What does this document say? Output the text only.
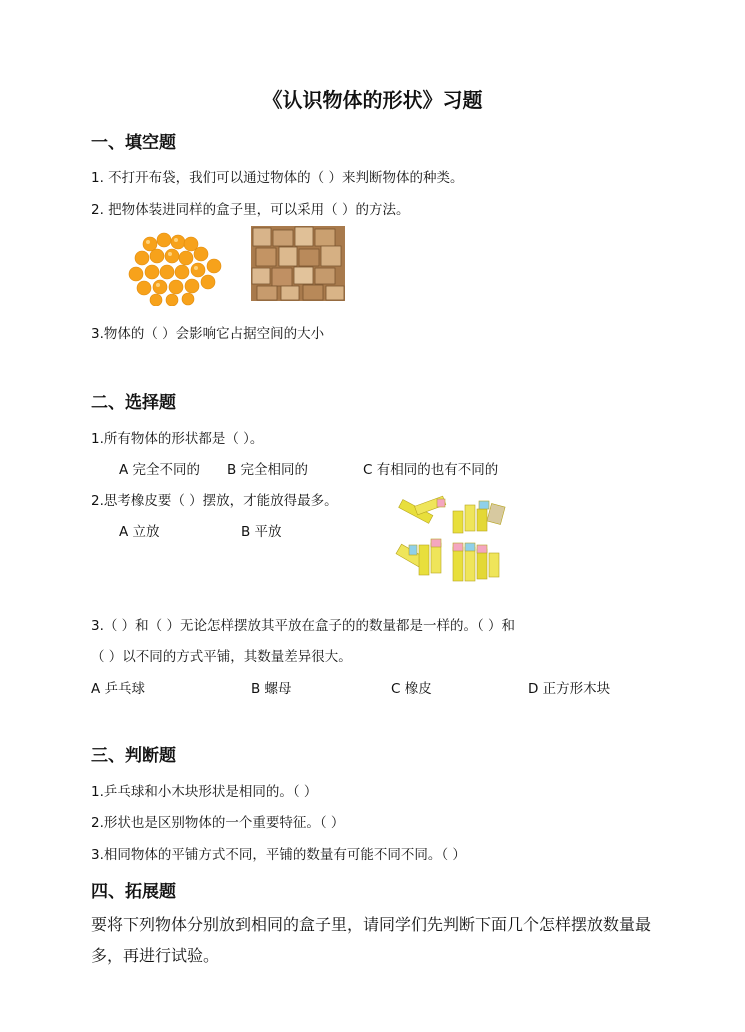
《认识物体的形状》习题
一、填空题
1. 不打开布袋，我们可以通过物体的（ ）来判断物体的种类。
2. 把物体装进同样的盒子里，可以采用（ ）的方法。
3.物体的（ ）会影响它占据空间的大小
二、选择题
1.所有物体的形状都是（ ）。
A 完全不同的 B 完全相同的	C 有相同的也有不同的
2.思考橡皮要（ ）摆放，才能放得最多。
A 立放	B 平放
3.（ ）和（ ）无论怎样摆放其平放在盒子的的数量都是一样的。（ ）和
（ ）以不同的方式平铺，其数量差异很大。
A 乒乓球	B 螺母	C 橡皮	D 正方形木块
三、判断题
1.乒乓球和小木块形状是相同的。（ ）
2.形状也是区别物体的一个重要特征。（ ）
3.相同物体的平铺方式不同，平铺的数量有可能不同不同。（ ）
四、拓展题
要将下列物体分别放到相同的盒子里，请同学们先判断下面几个怎样摆放数量最多，再进行试验。
